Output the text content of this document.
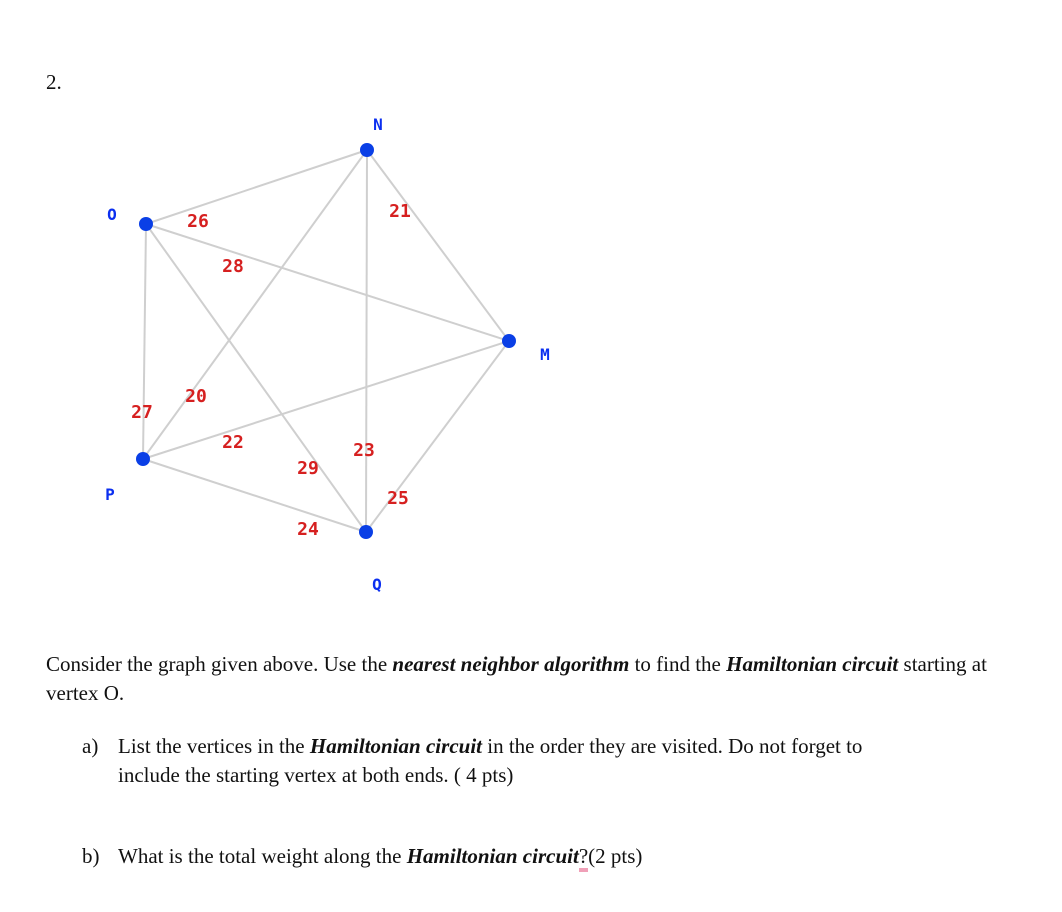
2.
26	21
28
20
27
22
29
23
25
24
N
O
M
P
Q
Consider the graph given above. Use the nearest neighbor algorithm to find the Hamiltonian circuit starting at vertex O.
a) List the vertices in the Hamiltonian circuit in the order they are visited. Do not forget to
include the starting vertex at both ends. ( 4 pts)
b) What is the total weight along the Hamiltonian circuit?(2 pts)
